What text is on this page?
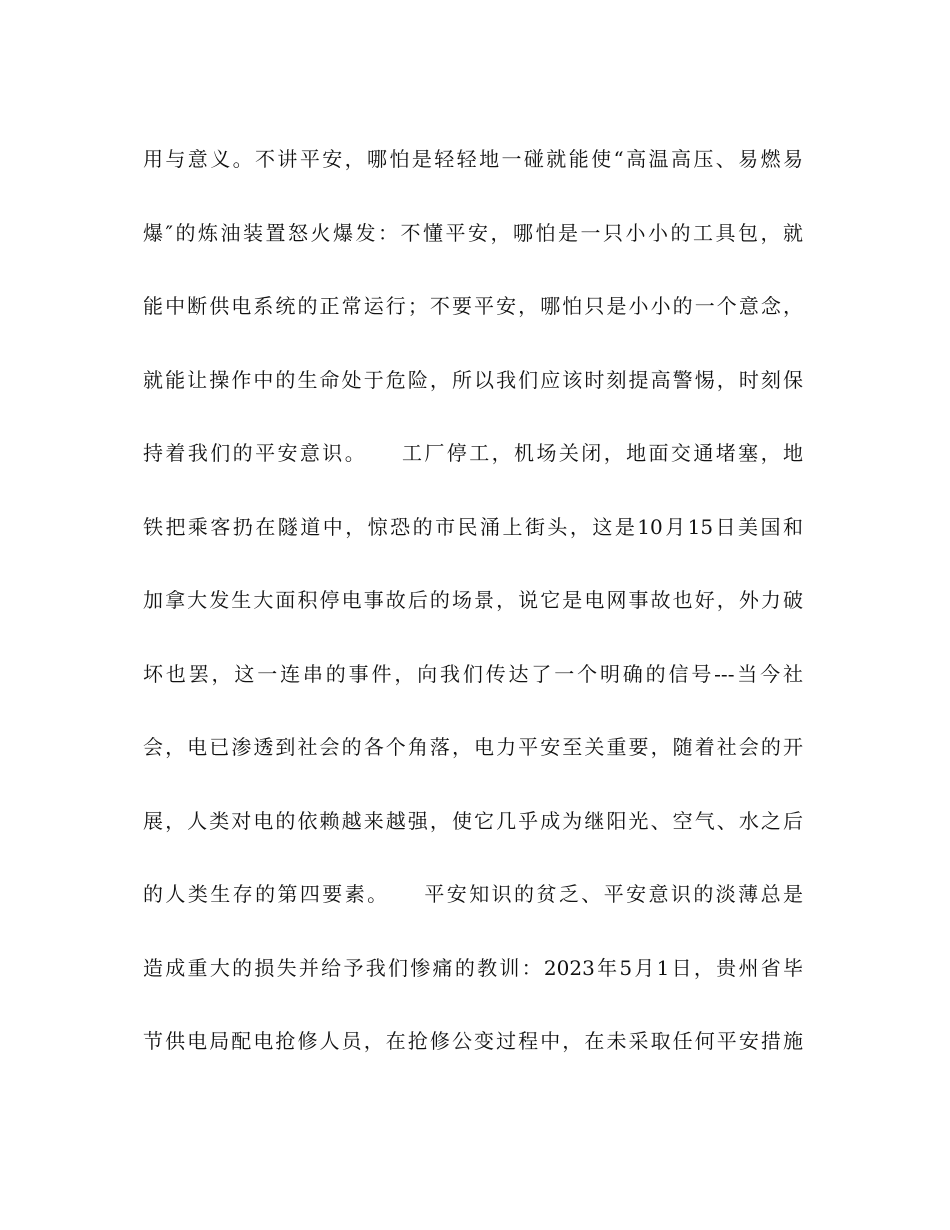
用与意义。不讲平安，哪怕是轻轻地一碰就能使“高温高压、易燃易
爆″的炼油装置怒火爆发：不懂平安，哪怕是一只小小的工具包，就
能中断供电系统的正常运行；不要平安，哪怕只是小小的一个意念，
就能让操作中的生命处于危险，所以我们应该时刻提高警惕，时刻保
持着我们的平安意识。　　工厂停工，机场关闭，地面交通堵塞，地
铁把乘客扔在隧道中，惊恐的市民涌上街头，这是10月15日美国和
加拿大发生大面积停电事故后的场景，说它是电网事故也好，外力破
坏也罢，这一连串的事件，向我们传达了一个明确的信号---当今社
会，电已渗透到社会的各个角落，电力平安至关重要，随着社会的开
展，人类对电的依赖越来越强，使它几乎成为继阳光、空气、水之后
的人类生存的第四要素。　　平安知识的贫乏、平安意识的淡薄总是
造成重大的损失并给予我们惨痛的教训：2023年5月1日，贵州省毕
节供电局配电抢修人员，在抢修公变过程中，在未采取任何平安措施
